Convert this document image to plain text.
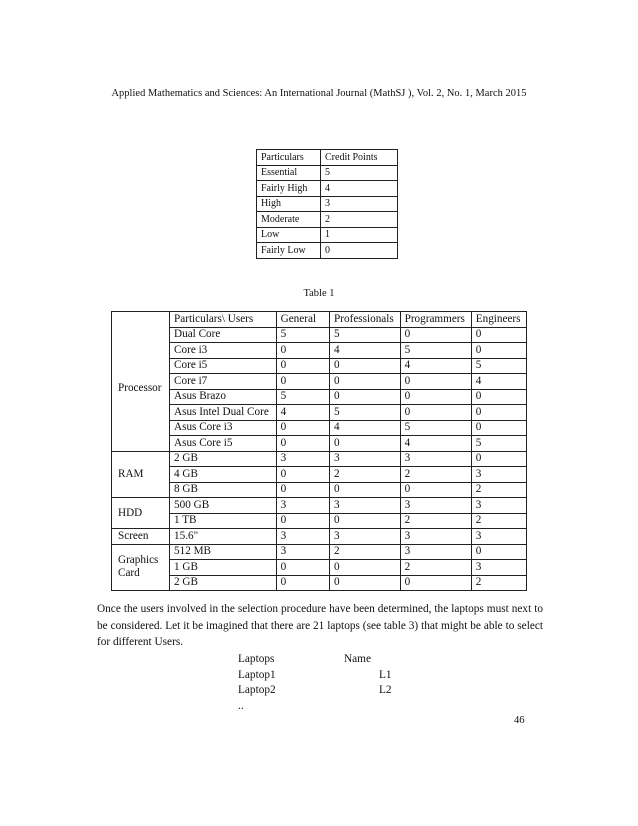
Applied Mathematics and Sciences: An International Journal (MathSJ ), Vol. 2, No. 1, March 2015
Particulars	Credit Points
Essential	5
Fairly High	4
High	3
Moderate	2
Low	1
Fairly Low	0
Table 1
	Particulars\ Users	General	Professionals	Programmers	Engineers
Processor	Dual Core	5	5	0	0
	Core i3	0	4	5	0
	Core i5	0	0	4	5
	Core i7	0	0	0	4
	Asus Brazo	5	0	0	0
	Asus Intel Dual Core	4	5	0	0
	Asus Core i3	0	4	5	0
	Asus Core i5	0	0	4	5
RAM	2 GB	3	3	3	0
	4 GB	0	2	2	3
	8 GB	0	0	0	2
HDD	500 GB	3	3	3	3
	1 TB	0	0	2	2
Screen	15.6"	3	3	3	3
Graphics Card	512 MB	3	2	3	0
	1 GB	0	0	2	3
	2 GB	0	0	0	2
Once the users involved in the selection procedure have been determined, the laptops must next to be considered. Let it be imagined that there are 21 laptops (see table 3) that might be able to select for different Users.
Laptops	Name
Laptop1	L1
Laptop2	L2
..
46
